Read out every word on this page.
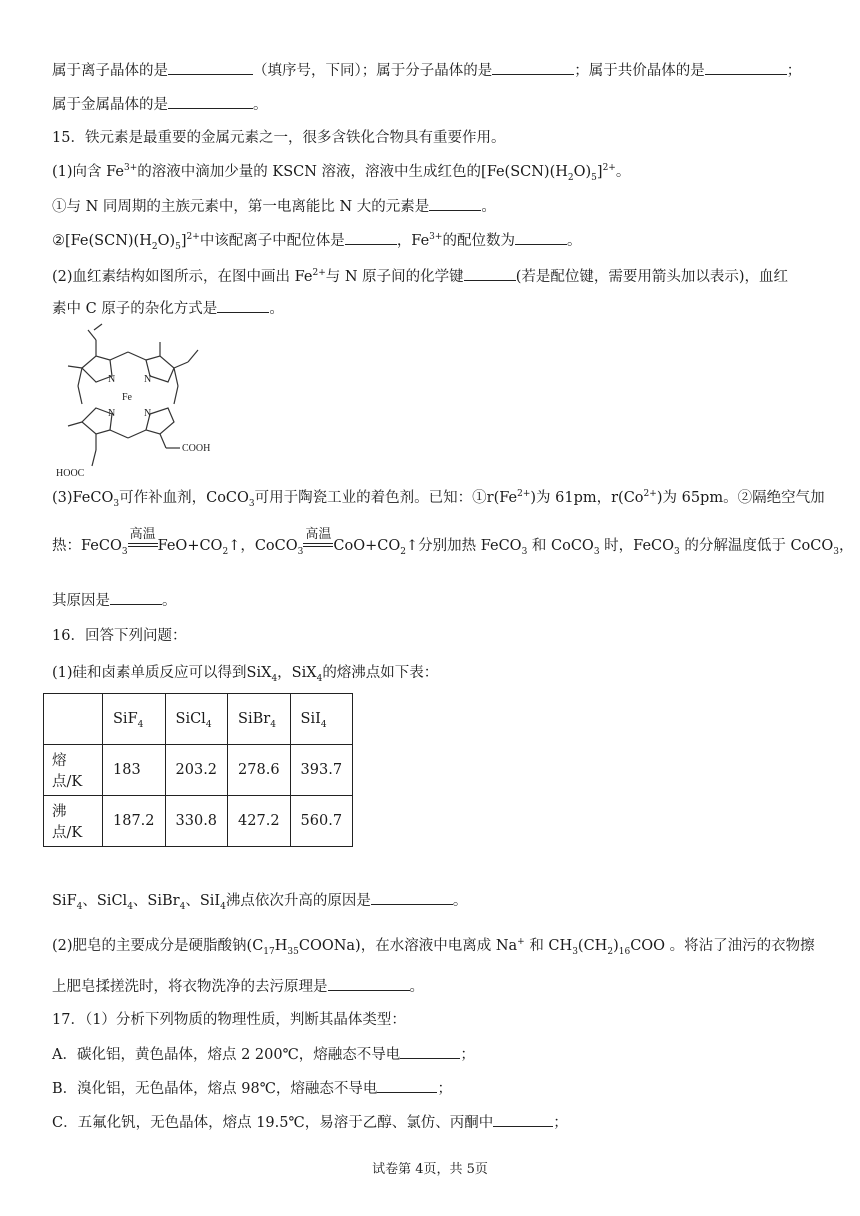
属于离子晶体的是	（填序号，下同）；属于分子晶体的是	；属于共价晶体的是	；
属于金属晶体的是	。
15．铁元素是最重要的金属元素之一，很多含铁化合物具有重要作用。
(1)向含 $Fe^{3+}$的溶液中滴加少量的 KSCN 溶液，溶液中生成红色的$[Fe(SCN)(H_2O)_5]^{2+}$。
①与 N 同周期的主族元素中，第一电离能比 N 大的元素是	。
$②[Fe(SCN)(H_2O)_5]^{2+}$中该配离子中配位体是	，$Fe^{3+}$的配位数为	。
(2)血红素结构如图所示，在图中画出 $Fe^{2+}$与 N 原子间的化学键	(若是配位键，需要用箭头加以表示)，血红
素中 C 原子的杂化方式是	。
N	N
N	N
Fe
COOH
HOOC
(3)FeCO$_3$可作补血剂，CoCO$_3$可用于陶瓷工业的着色剂。已知：$①r(Fe^{2+})$为 61pm，$r(Co^{2+})$为 65pm。②隔绝空气加
热：FeCO$_3$
高温
$FeO+CO_2↑$，CoCO$_3$
高温
$CoO+CO_2↑$分别加热 FeCO$_3$ 和 CoCO$_3$ 时，FeCO$_3$ 的分解温度低于 CoCO$_3$，
其原因是	。
16．回答下列问题：
(1)硅和卤素单质反应可以得到SiX$_4$，SiX$_4$的熔沸点如下表：
	SiF$_4$	SiCl$_4$	SiBr$_4$	SiI$_4$
熔点/K	183	203.2	278.6	393.7
沸点/K	187.2	330.8	427.2	560.7
SiF$_4$、SiCl$_4$、SiBr$_4$、SiI$_4$沸点依次升高的原因是	。
(2)肥皂的主要成分是硬脂酸钠$(C_{17}H_{35}COONa)$，在水溶液中电离成 Na+ 和 $CH_3(CH_2)_{16}COO$ 。将沾了油污的衣物擦
上肥皂揉搓洗时，将衣物洗净的去污原理是	。
17．（1）分析下列物质的物理性质，判断其晶体类型：
A．碳化铝，黄色晶体，熔点 2 200℃，熔融态不导电	；
B．溴化铝，无色晶体，熔点 98℃，熔融态不导电	；
C．五氟化钒，无色晶体，熔点 19.5℃，易溶于乙醇、氯仿、丙酮中	；
试卷第 4页，共 5页
